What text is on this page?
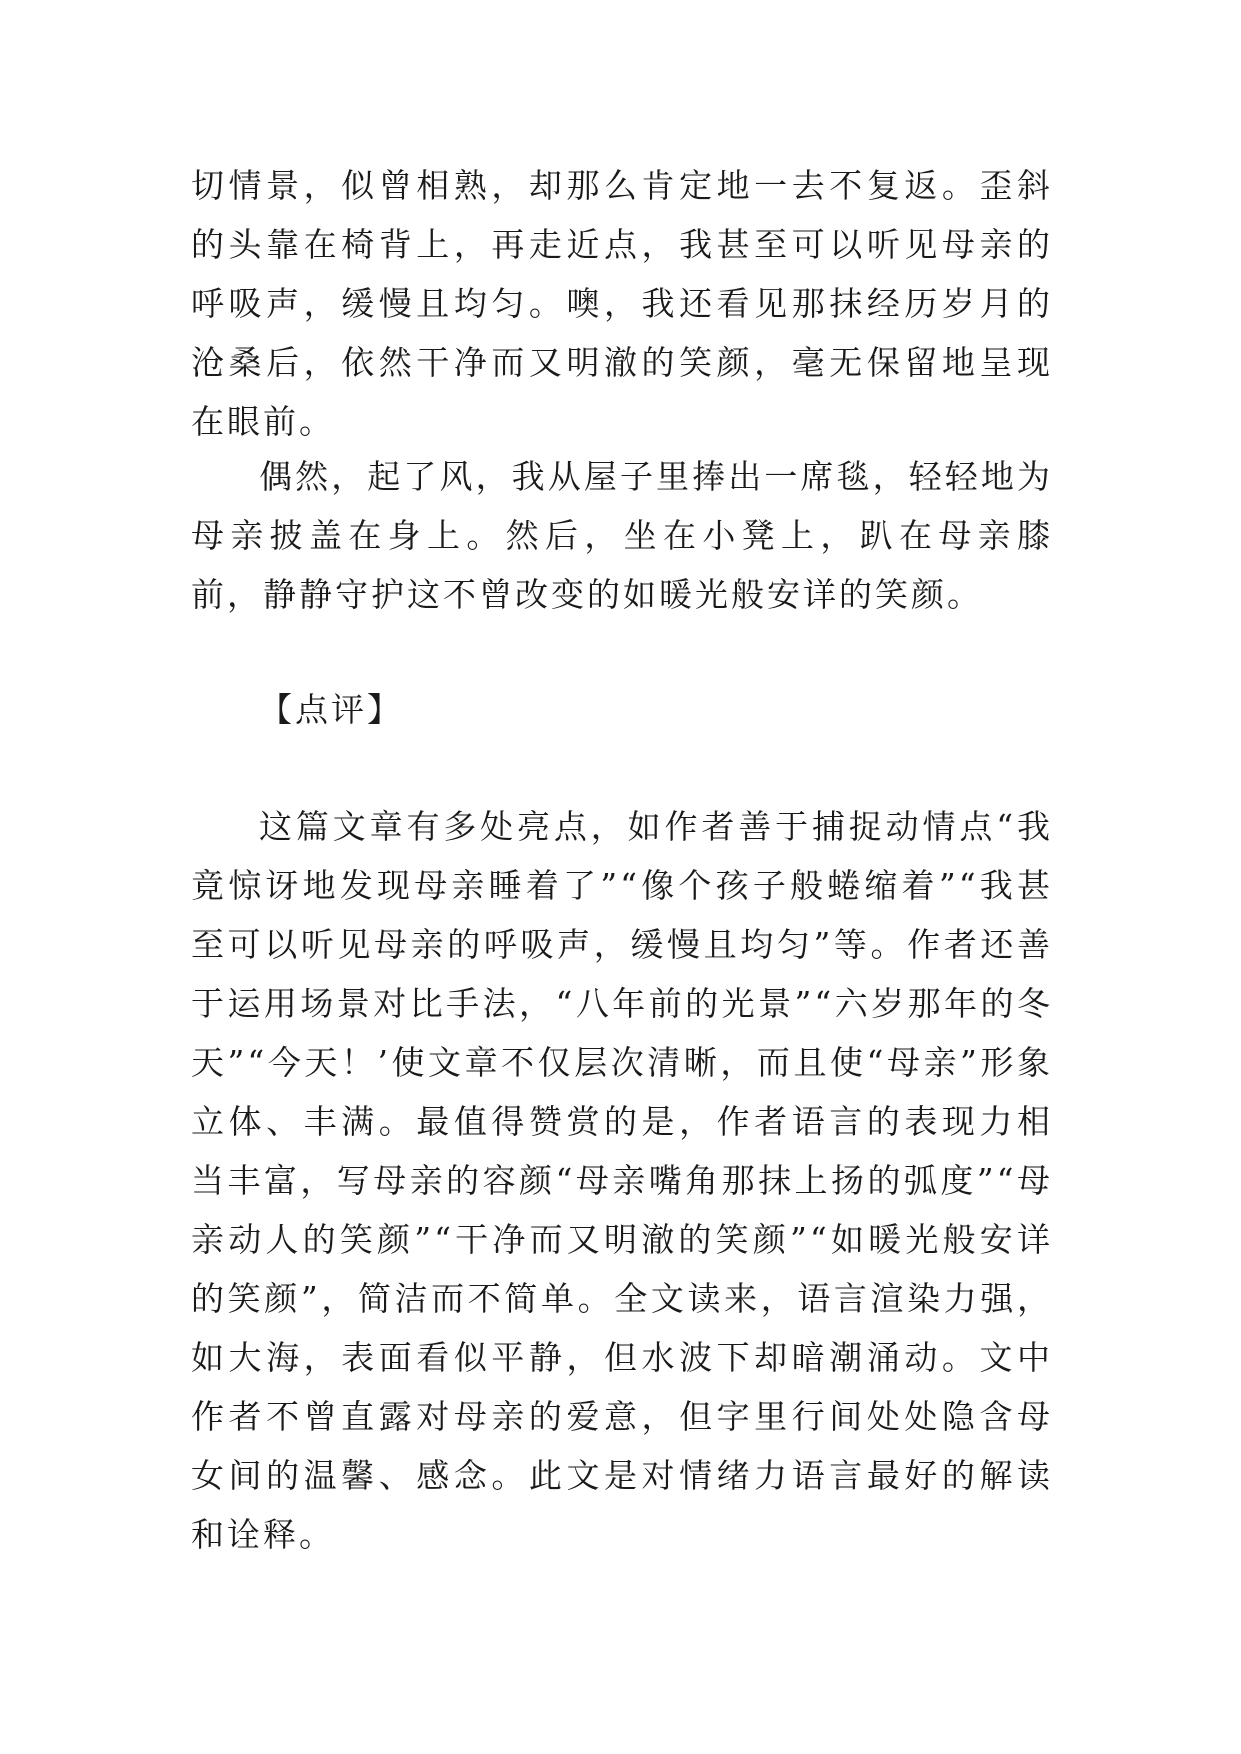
切情景，似曾相熟，却那么肯定地一去不复返。歪斜的头靠在椅背上，再走近点，我甚至可以听见母亲的呼吸声，缓慢且均匀。噢，我还看见那抹经历岁月的沧桑后，依然干净而又明澈的笑颜，毫无保留地呈现在眼前。

偶然，起了风，我从屋子里捧出一席毯，轻轻地为母亲披盖在身上。然后，坐在小凳上，趴在母亲膝前，静静守护这不曾改变的如暖光般安详的笑颜。

【点评】

这篇文章有多处亮点，如作者善于捕捉动情点“我竟惊讶地发现母亲睡着了”“像个孩子般蜷缩着”“我甚至可以听见母亲的呼吸声，缓慢且均匀”等。作者还善于运用场景对比手法，“八年前的光景”“六岁那年的冬天”“今天！’使文章不仅层次清晰，而且使“母亲”形象立体、丰满。最值得赞赏的是，作者语言的表现力相当丰富，写母亲的容颜“母亲嘴角那抹上扬的弧度”“母亲动人的笑颜”“干净而又明澈的笑颜”“如暖光般安详的笑颜”，简洁而不简单。全文读来，语言渲染力强，如大海，表面看似平静，但水波下却暗潮涌动。文中作者不曾直露对母亲的爱意，但字里行间处处隐含母女间的温馨、感念。此文是对情绪力语言最好的解读和诠释。
